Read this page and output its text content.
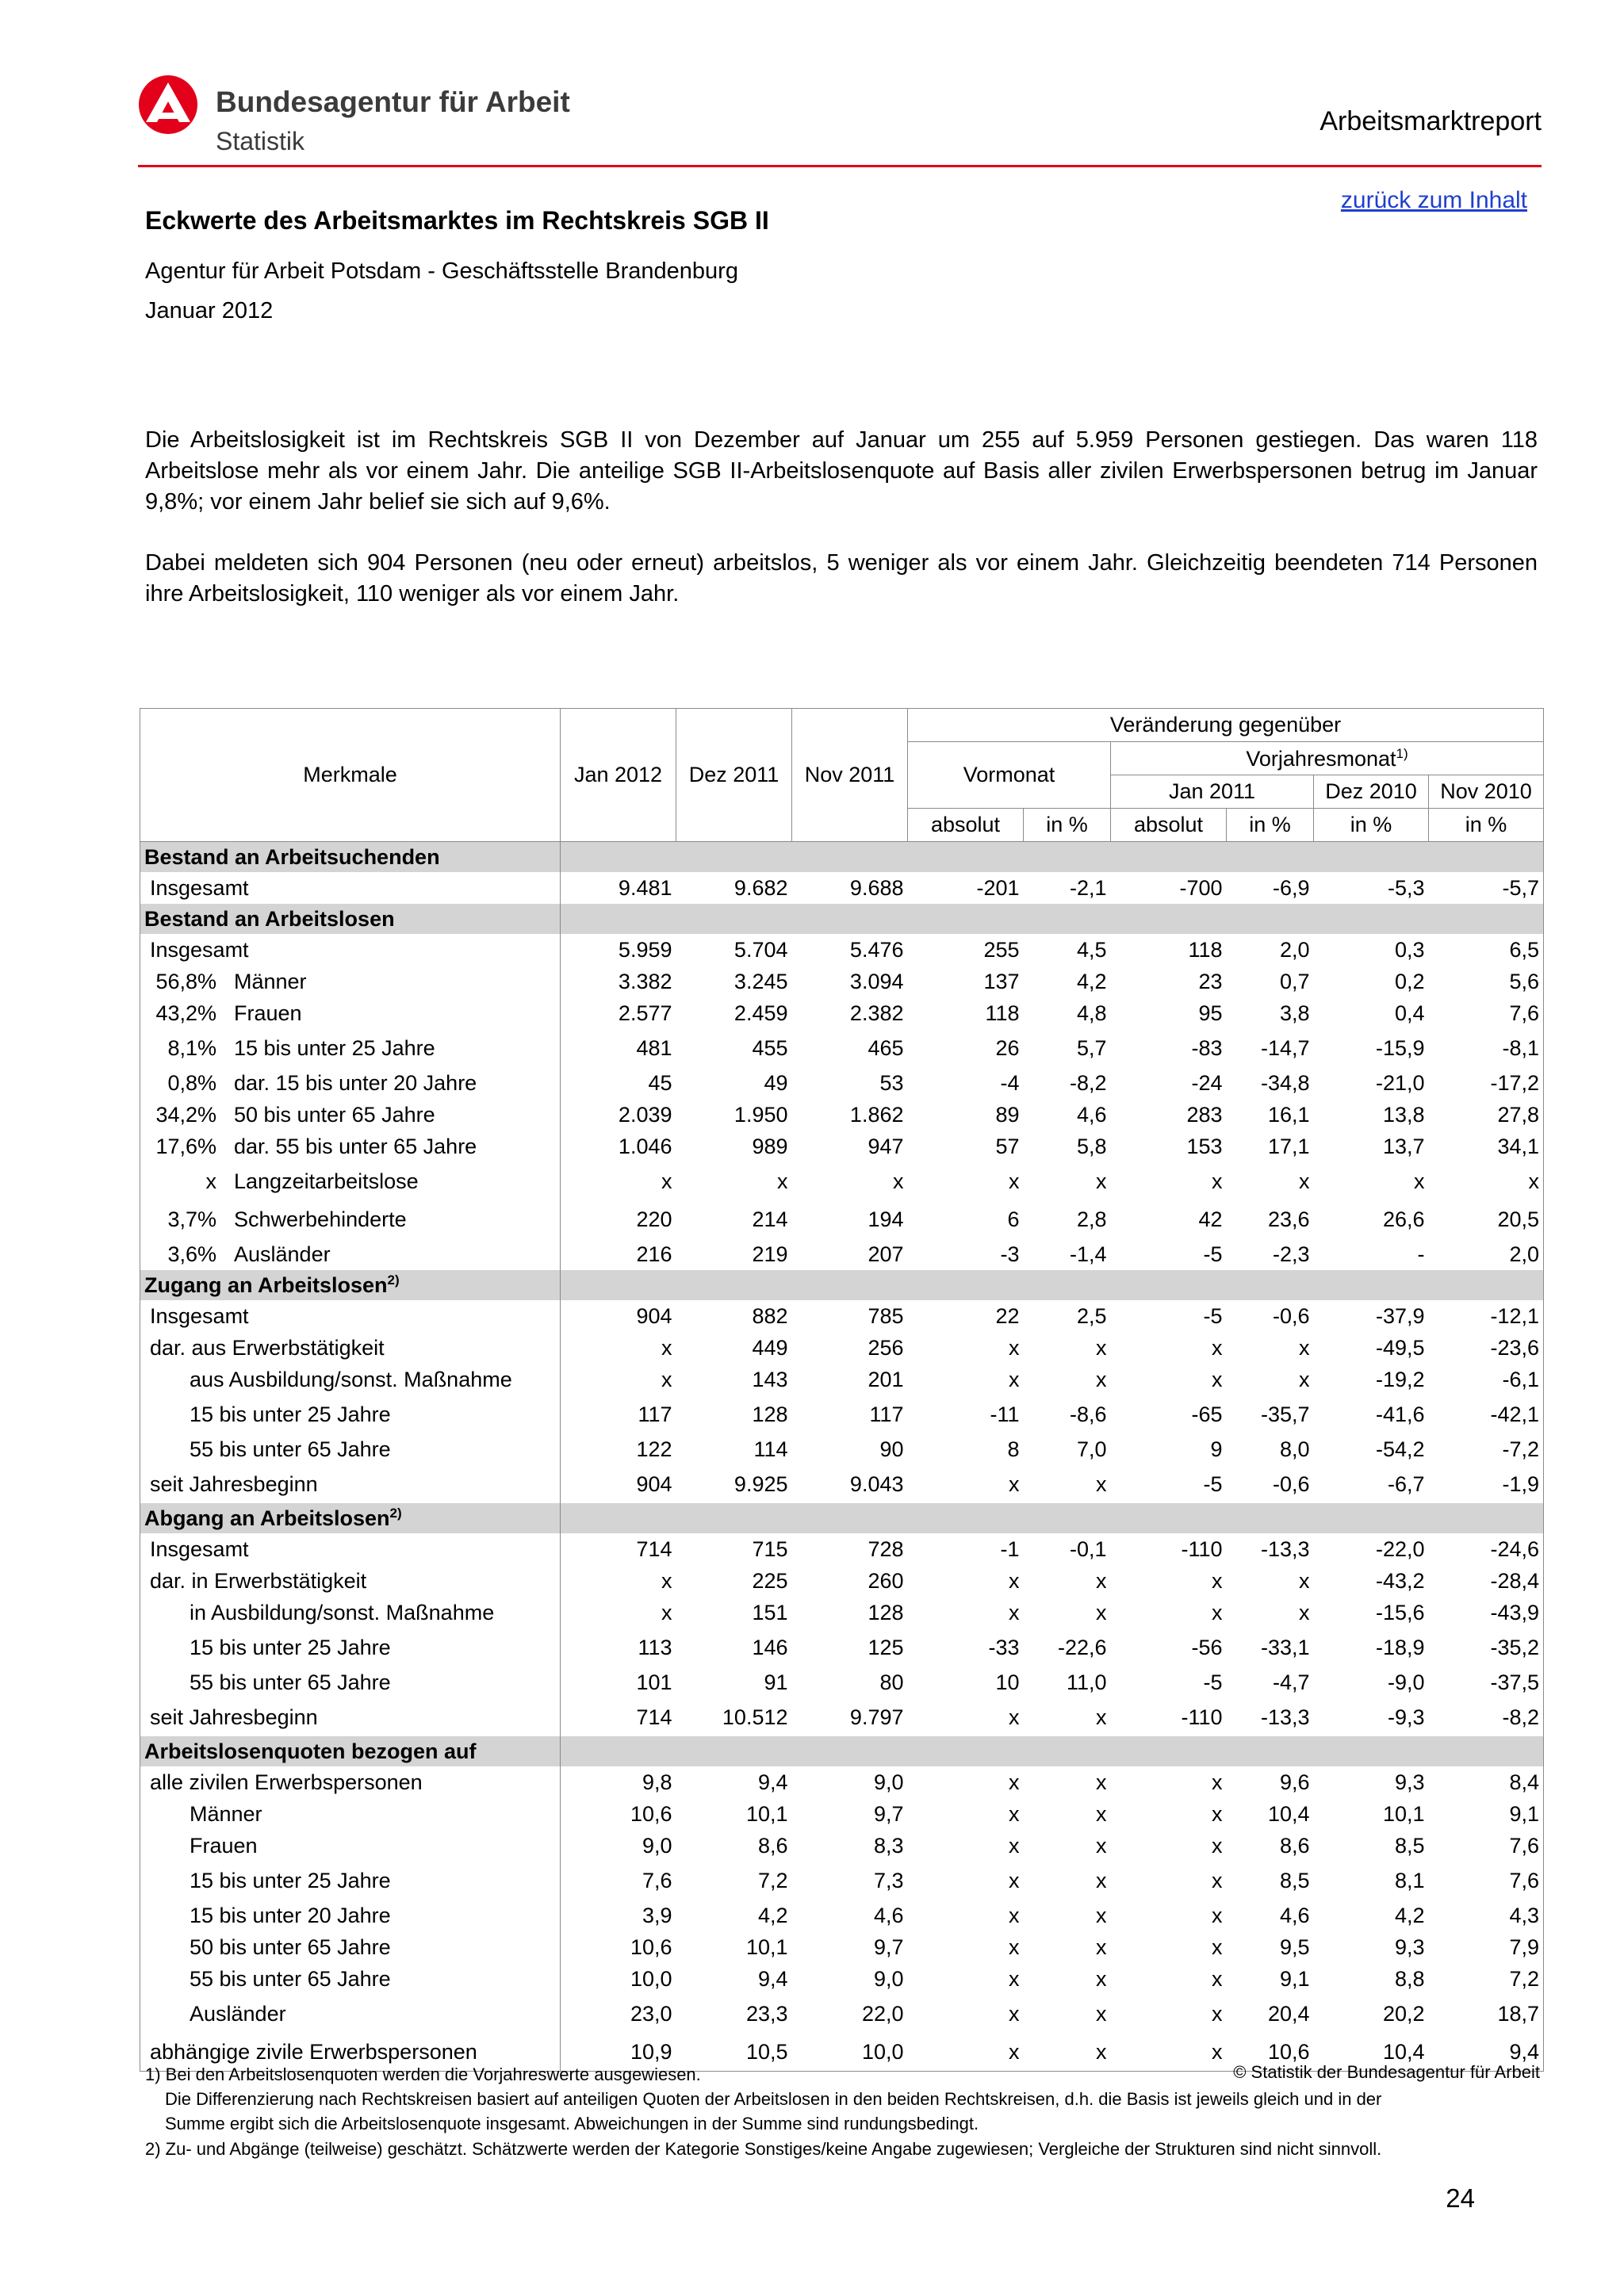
Bundesagentur für Arbeit
Statistik
Arbeitsmarktreport
zurück zum Inhalt
Eckwerte des Arbeitsmarktes im Rechtskreis SGB II
Agentur für Arbeit Potsdam - Geschäftsstelle Brandenburg
Januar 2012
Die Arbeitslosigkeit ist im Rechtskreis SGB II von Dezember auf Januar um 255 auf 5.959 Personen gestiegen. Das waren 118 Arbeitslose mehr als vor einem Jahr. Die anteilige SGB II-Arbeitslosenquote auf Basis aller zivilen Erwerbspersonen betrug im Januar 9,8%; vor einem Jahr belief sie sich auf 9,6%.
Dabei meldeten sich 904 Personen (neu oder erneut) arbeitslos, 5 weniger als vor einem Jahr. Gleichzeitig beendeten 714 Personen ihre Arbeitslosigkeit, 110 weniger als vor einem Jahr.
Merkmale	Jan 2012	Dez 2011	Nov 2011	Veränderung gegenüber					
				Vormonat		Vorjahresmonat$^{1)}$
						Jan 2011		Dez 2010	Nov 2010
				absolut	in %	absolut	in %	in %	in %
Bestand an Arbeitsuchenden									
Insgesamt	9.481	9.682	9.688	-201	-2,1	-700	-6,9	-5,3	-5,7
Bestand an Arbeitslosen									
Insgesamt	5.959	5.704	5.476	255	4,5	118	2,0	0,3	6,5
56,8% Männer	3.382	3.245	3.094	137	4,2	23	0,7	0,2	5,6
43,2% Frauen	2.577	2.459	2.382	118	4,8	95	3,8	0,4	7,6
8,1% 15 bis unter 25 Jahre	481	455	465	26	5,7	-83	-14,7	-15,9	-8,1
0,8% dar. 15 bis unter 20 Jahre	45	49	53	-4	-8,2	-24	-34,8	-21,0	-17,2
34,2% 50 bis unter 65 Jahre	2.039	1.950	1.862	89	4,6	283	16,1	13,8	27,8
17,6% dar. 55 bis unter 65 Jahre	1.046	989	947	57	5,8	153	17,1	13,7	34,1
x Langzeitarbeitslose	x	x	x	x	x	x	x	x	x
3,7% Schwerbehinderte	220	214	194	6	2,8	42	23,6	26,6	20,5
3,6% Ausländer	216	219	207	-3	-1,4	-5	-2,3	-	2,0
Zugang an Arbeitslosen$^{2)}$	
Insgesamt	904	882	785	22	2,5	-5	-0,6	-37,9	-12,1
dar. aus Erwerbstätigkeit	x	449	256	x	x	x	x	-49,5	-23,6
aus Ausbildung/sonst. Maßnahme	x	143	201	x	x	x	x	-19,2	-6,1
15 bis unter 25 Jahre	117	128	117	-11	-8,6	-65	-35,7	-41,6	-42,1
55 bis unter 65 Jahre	122	114	90	8	7,0	9	8,0	-54,2	-7,2
seit Jahresbeginn	904	9.925	9.043	x	x	-5	-0,6	-6,7	-1,9
Abgang an Arbeitslosen$^{2)}$	
Insgesamt	714	715	728	-1	-0,1	-110	-13,3	-22,0	-24,6
dar. in Erwerbstätigkeit	x	225	260	x	x	x	x	-43,2	-28,4
in Ausbildung/sonst. Maßnahme	x	151	128	x	x	x	x	-15,6	-43,9
15 bis unter 25 Jahre	113	146	125	-33	-22,6	-56	-33,1	-18,9	-35,2
55 bis unter 65 Jahre	101	91	80	10	11,0	-5	-4,7	-9,0	-37,5
seit Jahresbeginn	714	10.512	9.797	x	x	-110	-13,3	-9,3	-8,2
Arbeitslosenquoten bezogen auf									
alle zivilen Erwerbspersonen	9,8	9,4	9,0	x	x	x	9,6	9,3	8,4
Männer	10,6	10,1	9,7	x	x	x	10,4	10,1	9,1
Frauen	9,0	8,6	8,3	x	x	x	8,6	8,5	7,6
15 bis unter 25 Jahre	7,6	7,2	7,3	x	x	x	8,5	8,1	7,6
15 bis unter 20 Jahre	3,9	4,2	4,6	x	x	x	4,6	4,2	4,3
50 bis unter 65 Jahre	10,6	10,1	9,7	x	x	x	9,5	9,3	7,9
55 bis unter 65 Jahre	10,0	9,4	9,0	x	x	x	9,1	8,8	7,2
Ausländer	23,0	23,3	22,0	x	x	x	20,4	20,2	18,7
abhängige zivile Erwerbspersonen	10,9	10,5	10,0	x	x	x	10,6	10,4	9,4
1) Bei den Arbeitslosenquoten werden die Vorjahreswerte ausgewiesen.	© Statistik der Bundesagentur für Arbeit
Die Differenzierung nach Rechtskreisen basiert auf anteiligen Quoten der Arbeitslosen in den beiden Rechtskreisen, d.h. die Basis ist jeweils gleich und in der
Summe ergibt sich die Arbeitslosenquote insgesamt. Abweichungen in der Summe sind rundungsbedingt.
2) Zu- und Abgänge (teilweise) geschätzt. Schätzwerte werden der Kategorie Sonstiges/keine Angabe zugewiesen; Vergleiche der Strukturen sind nicht sinnvoll.
24
